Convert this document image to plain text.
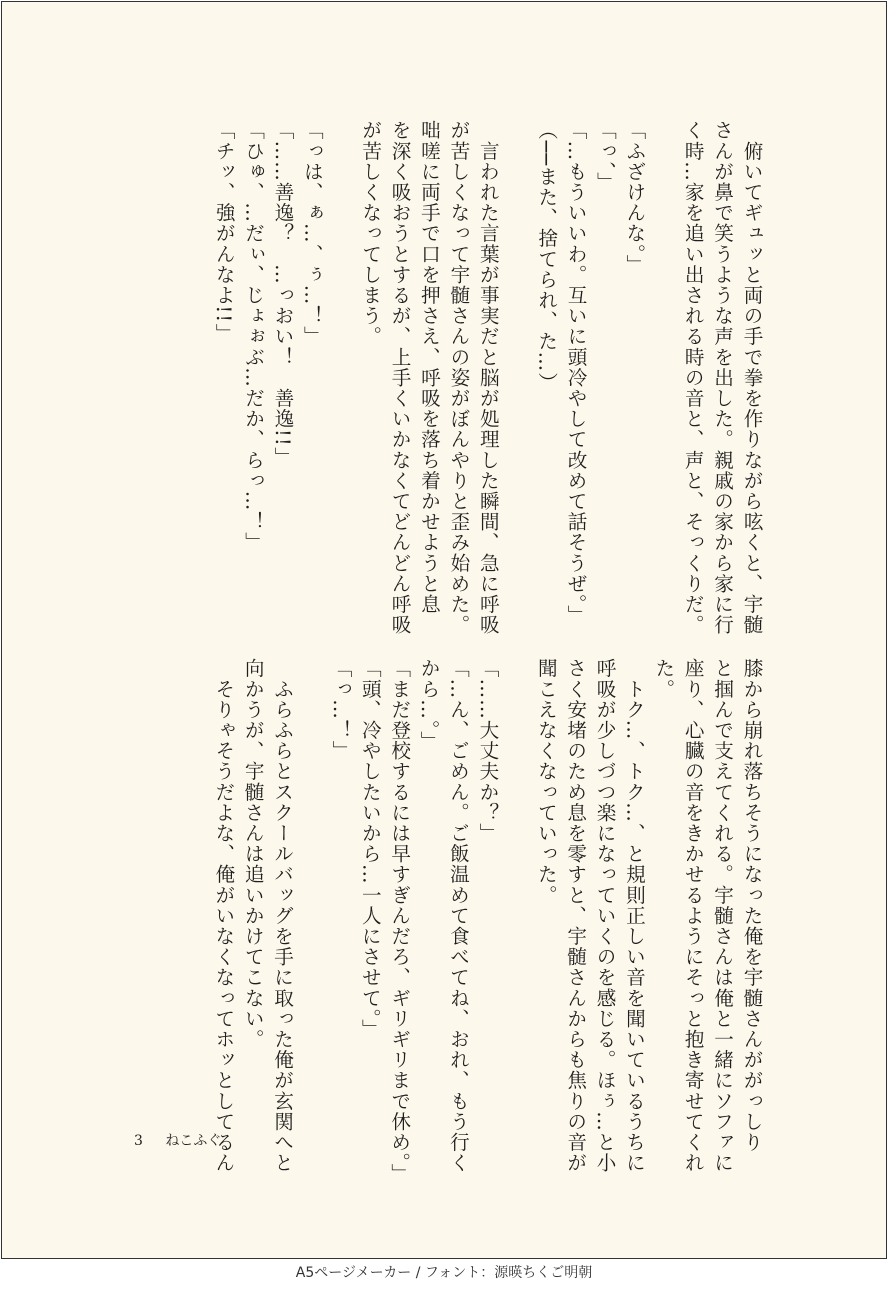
　俯いてギュッと両の手で拳を作りながら呟くと、宇髄
さんが鼻で笑うような声を出した。親戚の家から家に行
く時…家を追い出される時の音と、声と、そっくりだ。
「ふざけんな。」
「っ、」
「…もういいわ。互いに頭冷やして改めて話そうぜ。」
（──また、捨てられ、た…）
　言われた言葉が事実だと脳が処理した瞬間、急に呼吸
が苦しくなって宇髄さんの姿がぼんやりと歪み始めた。
咄嗟に両手で口を押さえ、呼吸を落ち着かせようと息
を深く吸おうとするが、上手くいかなくてどんどん呼吸
が苦しくなってしまう。
「っは、ぁ…、ぅ…！」
「……善逸？　…っおい！　善逸!!」
「ひゅ、…だぃ、じょぉぶ…だか、らっ…！」
「チッ、強がんなよ!!」
膝から崩れ落ちそうになった俺を宇髄さんががっしり
と掴んで支えてくれる。宇髄さんは俺と一緒にソファに
座り、心臓の音をきかせるようにそっと抱き寄せてくれ
た。
　トク…、トク…、と規則正しい音を聞いているうちに
呼吸が少しづつ楽になっていくのを感じる。ほぅ…と小
さく安堵のため息を零すと、宇髄さんからも焦りの音が
聞こえなくなっていった。
「……大丈夫か？」
「…ん、ごめん。ご飯温めて食べてね、おれ、もう行く
から…。」
「まだ登校するには早すぎんだろ、ギリギリまで休め。」
「頭、冷やしたいから…一人にさせて。」
「っ…！」
　ふらふらとスクールバッグを手に取った俺が玄関へと
向かうが、宇髄さんは追いかけてこない。
　そりゃそうだよな、俺がいなくなってホッとしてるん
3 ねこふぐ
A5ページメーカー / フォント：源暎ちくご明朝
